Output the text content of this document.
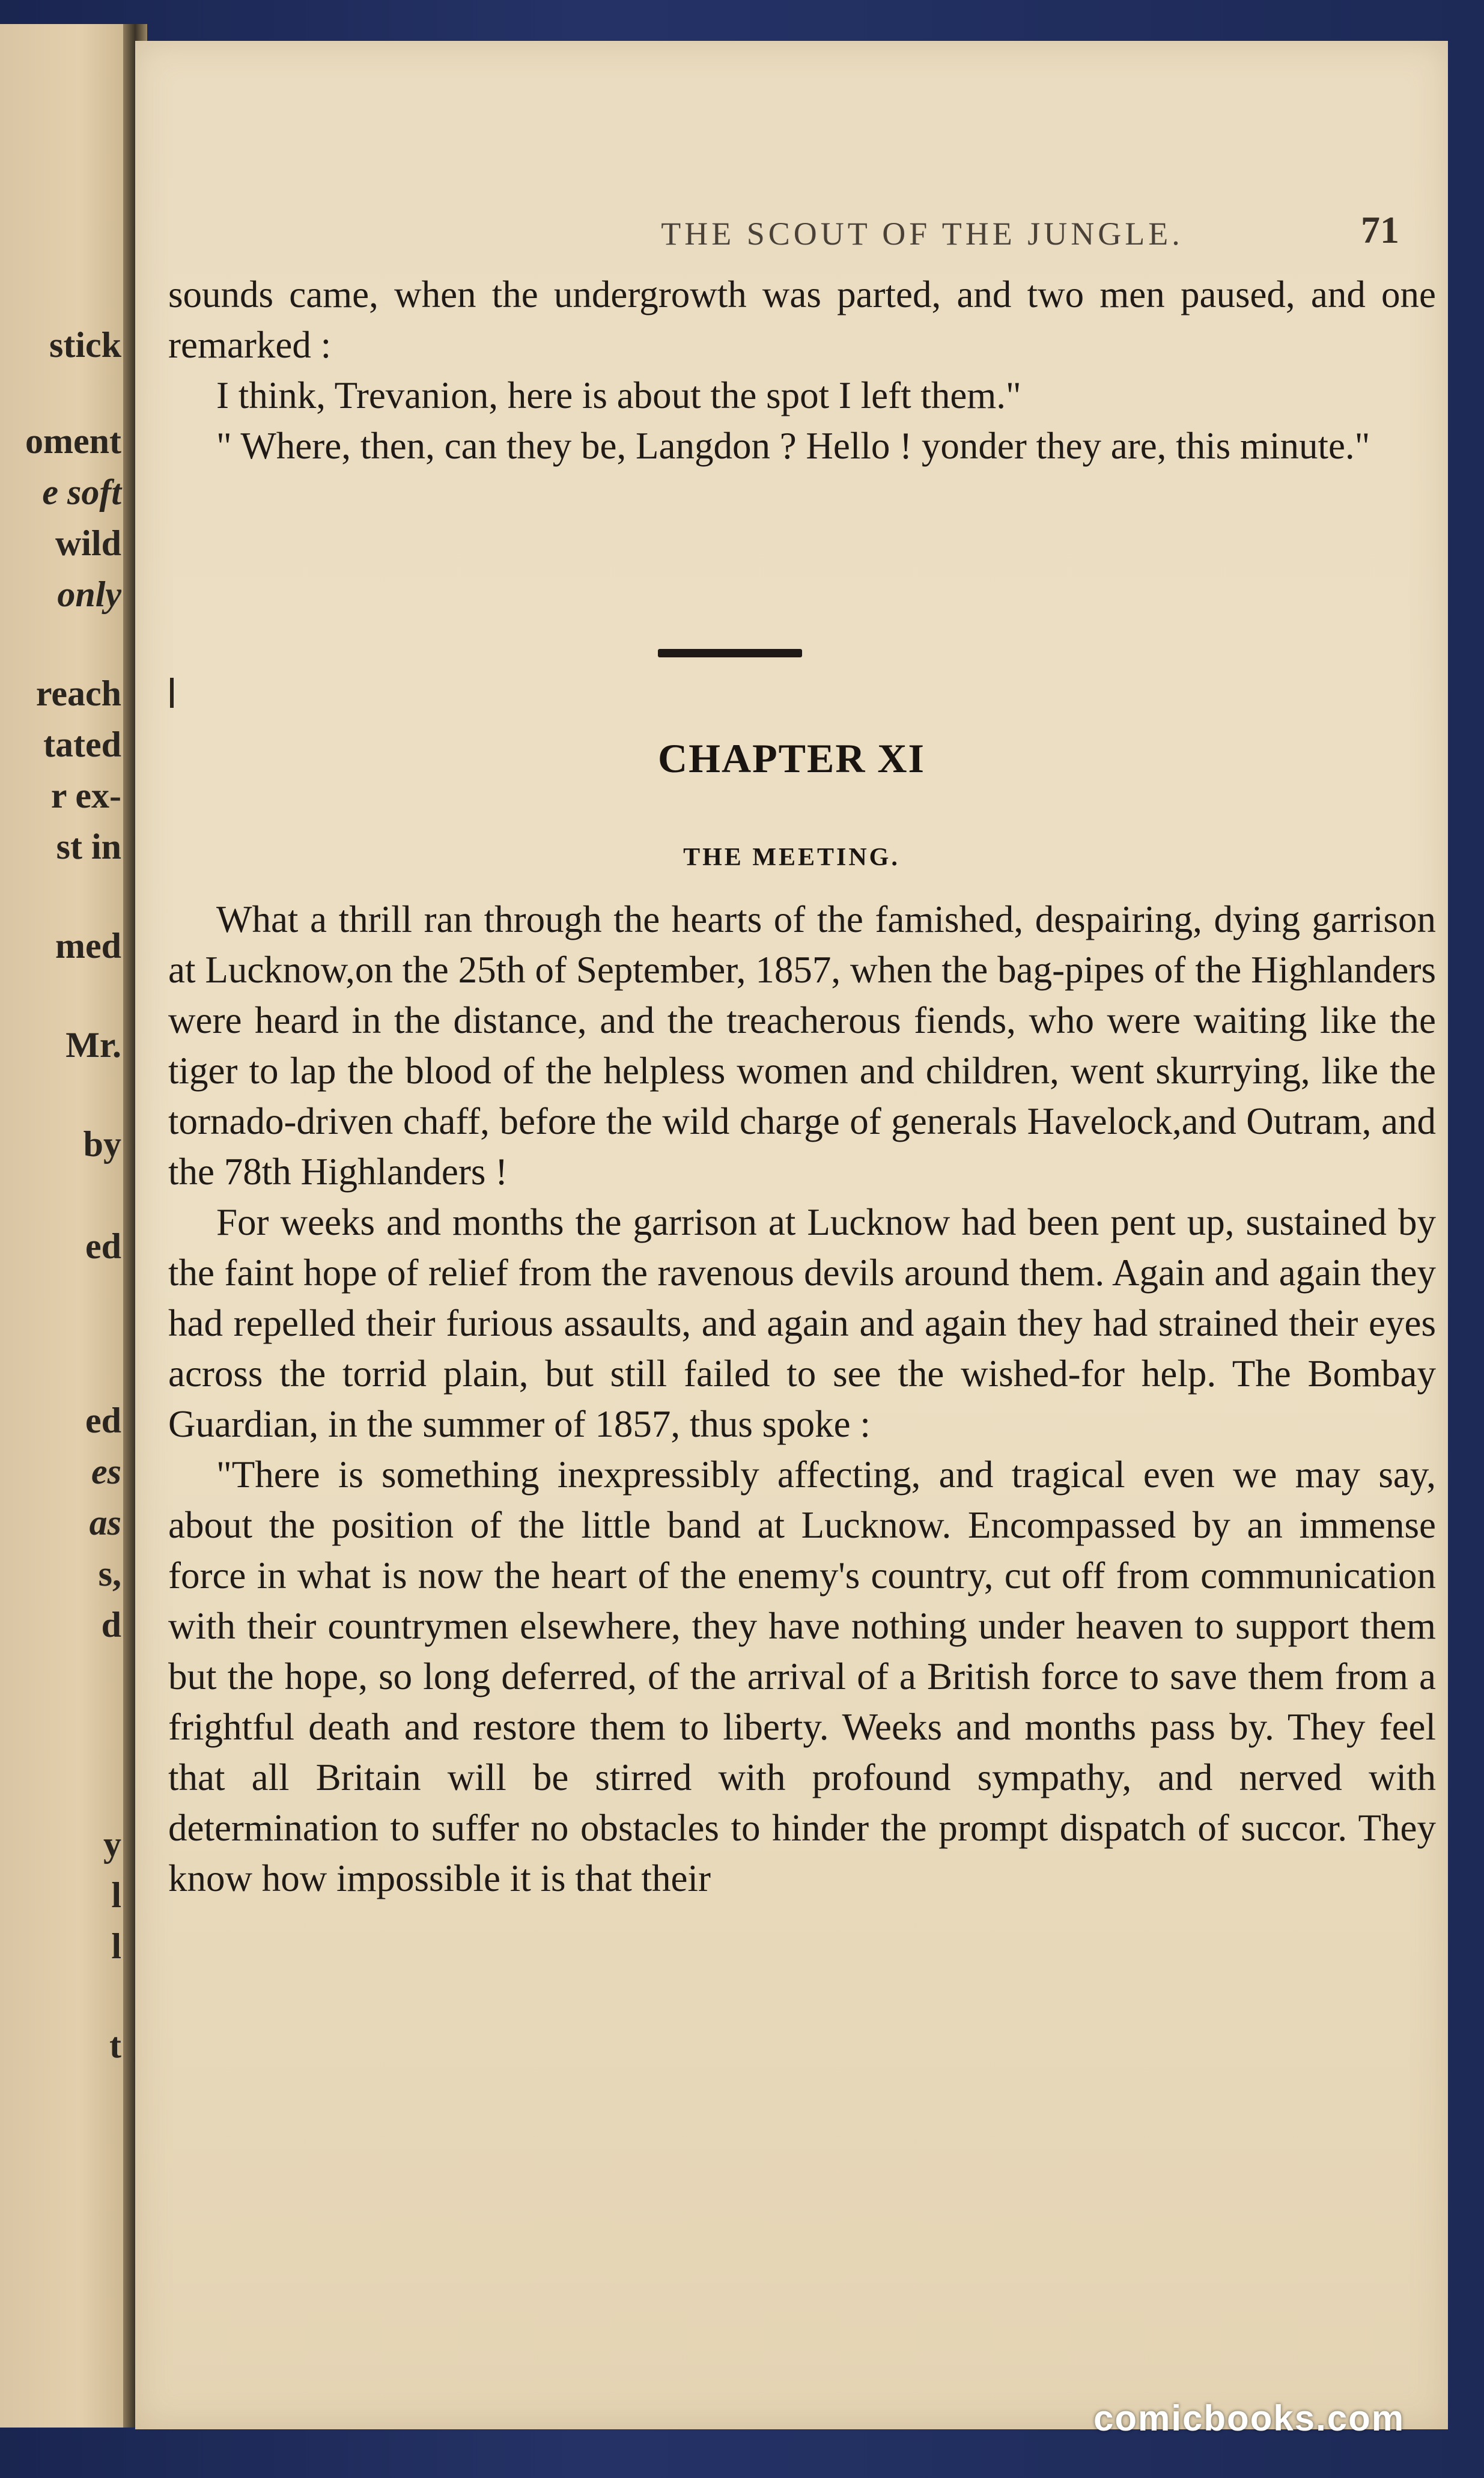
stick
oment
e soft
wild
only
reach
tated
r ex-
st in
med
Mr.
by
ed
ed
es
as
s,
d
y
l
l
t
THE SCOUT OF THE JUNGLE.	71

sounds came, when the undergrowth was parted, and two men paused, and one remarked :

I think, Trevanion, here is about the spot I left them."

" Where, then, can they be, Langdon ? Hello ! yonder they are, this minute."

CHAPTER XI
THE MEETING.

What a thrill ran through the hearts of the famished, despairing, dying garrison at Lucknow,on the 25th of September, 1857, when the bag-pipes of the Highlanders were heard in the distance, and the treacherous fiends, who were waiting like the tiger to lap the blood of the helpless women and children, went skurrying, like the tornado-driven chaff, before the wild charge of generals Havelock,and Outram, and the 78th Highlanders !

For weeks and months the garrison at Lucknow had been pent up, sustained by the faint hope of relief from the ravenous devils around them. Again and again they had repelled their furious assaults, and again and again they had strained their eyes across the torrid plain, but still failed to see the wished-for help. The Bombay Guardian, in the summer of 1857, thus spoke :

"There is something inexpressibly affecting, and tragical even we may say, about the position of the little band at Lucknow. Encompassed by an immense force in what is now the heart of the enemy's country, cut off from communication with their countrymen elsewhere, they have nothing under heaven to support them but the hope, so long deferred, of the arrival of a British force to save them from a frightful death and restore them to liberty. Weeks and months pass by. They feel that all Britain will be stirred with profound sympathy, and nerved with determination to suffer no obstacles to hinder the prompt dispatch of succor. They know how impossible it is that their

comicbooks.com
